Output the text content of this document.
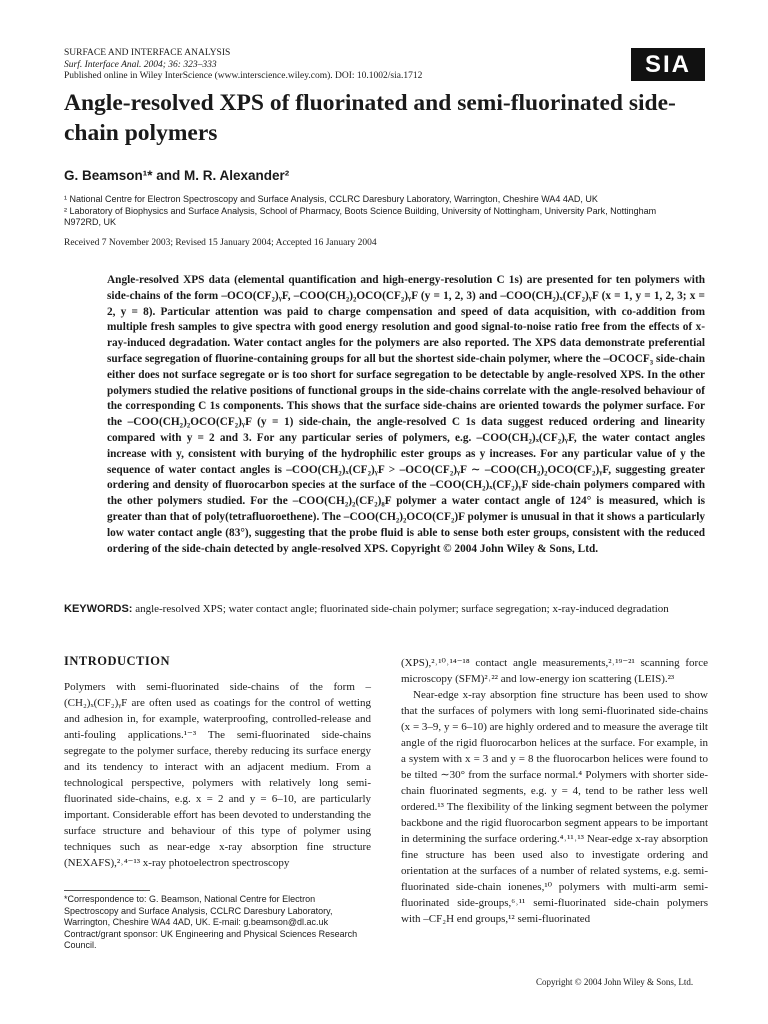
SURFACE AND INTERFACE ANALYSIS
Surf. Interface Anal. 2004; 36: 323–333
Published online in Wiley InterScience (www.interscience.wiley.com). DOI: 10.1002/sia.1712	SIA
Angle-resolved XPS of fluorinated and semi-fluorinated side-chain polymers
G. Beamson¹* and M. R. Alexander²

¹ National Centre for Electron Spectroscopy and Surface Analysis, CCLRC Daresbury Laboratory, Warrington, Cheshire WA4 4AD, UK

² Laboratory of Biophysics and Surface Analysis, School of Pharmacy, Boots Science Building, University of Nottingham, University Park, Nottingham N972RD, UK

Received 7 November 2003; Revised 15 January 2004; Accepted 16 January 2004
Angle-resolved XPS data (elemental quantification and high-energy-resolution C 1s) are presented for ten polymers with side-chains of the form –OCO(CF₂)ᵧF, –COO(CH₂)₂OCO(CF₂)ᵧF (y = 1, 2, 3) and –COO(CH₂)ₓ(CF₂)ᵧF (x = 1, y = 1, 2, 3; x = 2, y = 8). Particular attention was paid to charge compensation and speed of data acquisition, with co-addition from multiple fresh samples to give spectra with good energy resolution and good signal-to-noise ratio free from the effects of x-ray-induced degradation. Water contact angles for the polymers are also reported. The XPS data demonstrate preferential surface segregation of fluorine-containing groups for all but the shortest side-chain polymer, where the –OCOCF₃ side-chain either does not surface segregate or is too short for surface segregation to be detectable by angle-resolved XPS. In the other polymers studied the relative positions of functional groups in the side-chains correlate with the angle-resolved behaviour of the corresponding C 1s components. This shows that the surface side-chains are oriented towards the polymer surface. For the –COO(CH₂)₂OCO(CF₂)ᵧF (y = 1) side-chain, the angle-resolved C 1s data suggest reduced ordering and linearity compared with y = 2 and 3. For any particular series of polymers, e.g. –COO(CH₂)ₓ(CF₂)ᵧF, the water contact angles increase with y, consistent with burying of the hydrophilic ester groups as y increases. For any particular value of y the sequence of water contact angles is –COO(CH₂)ₓ(CF₂)ᵧF > –OCO(CF₂)ᵧF ∼ –COO(CH₂)₂OCO(CF₂)ᵧF, suggesting greater ordering and density of fluorocarbon species at the surface of the –COO(CH₂)ₓ(CF₂)ᵧF side-chain polymers compared with the other polymers studied. For the –COO(CH₂)₂(CF₂)₈F polymer a water contact angle of 124° is measured, which is greater than that of poly(tetrafluoroethene). The –COO(CH₂)₂OCO(CF₂)F polymer is unusual in that it shows a particularly low water contact angle (83°), suggesting that the probe fluid is able to sense both ester groups, consistent with the reduced ordering of the side-chain detected by angle-resolved XPS. Copyright © 2004 John Wiley & Sons, Ltd.
KEYWORDS: angle-resolved XPS; water contact angle; fluorinated side-chain polymer; surface segregation; x-ray-induced degradation
INTRODUCTION

Polymers with semi-fluorinated side-chains of the form –(CH₂)ₓ(CF₂)ᵧF are often used as coatings for the control of wetting and adhesion in, for example, waterproofing, controlled-release and anti-fouling applications.¹⁻³ The semi-fluorinated side-chains segregate to the polymer surface, thereby reducing its surface energy and its tendency to interact with an adjacent medium. From a technological perspective, polymers with relatively long semi-fluorinated side-chains, e.g. x = 2 and y = 6–10, are particularly important. Considerable effort has been devoted to understanding the surface structure and behaviour of this type of polymer using techniques such as near-edge x-ray absorption fine structure (NEXAFS),²˒⁴⁻¹³ x-ray photoelectron spectroscopy

(XPS),²˒¹⁰˒¹⁴⁻¹⁸ contact angle measurements,²˒¹⁹⁻²¹ scanning force microscopy (SFM)²˒²² and low-energy ion scattering (LEIS).²³

Near-edge x-ray absorption fine structure has been used to show that the surfaces of polymers with long semi-fluorinated side-chains (x = 3–9, y = 6–10) are highly ordered and to measure the average tilt angle of the rigid fluorocarbon helices at the surface. For example, in a system with x = 3 and y = 8 the fluorocarbon helices were found to be tilted ∼30° from the surface normal.⁴ Polymers with shorter side-chain fluorinated segments, e.g. y = 4, tend to be rather less well ordered.¹³ The flexibility of the linking segment between the polymer backbone and the rigid fluorocarbon segment appears to be important in determining the surface ordering.⁴˒¹¹˒¹³ Near-edge x-ray absorption fine structure has been used also to investigate ordering and orientation at the surfaces of a number of related systems, e.g. semi-fluorinated side-chain ionenes,¹⁰ polymers with multi-arm semi-fluorinated side-groups,⁶˒¹¹ semi-fluorinated side-chain polymers with –CF₂H end groups,¹² semi-fluorinated

*Correspondence to: G. Beamson, National Centre for Electron Spectroscopy and Surface Analysis, CCLRC Daresbury Laboratory, Warrington, Cheshire WA4 4AD, UK. E-mail: g.beamson@dl.ac.uk

Contract/grant sponsor: UK Engineering and Physical Sciences Research Council.

Copyright © 2004 John Wiley & Sons, Ltd.
